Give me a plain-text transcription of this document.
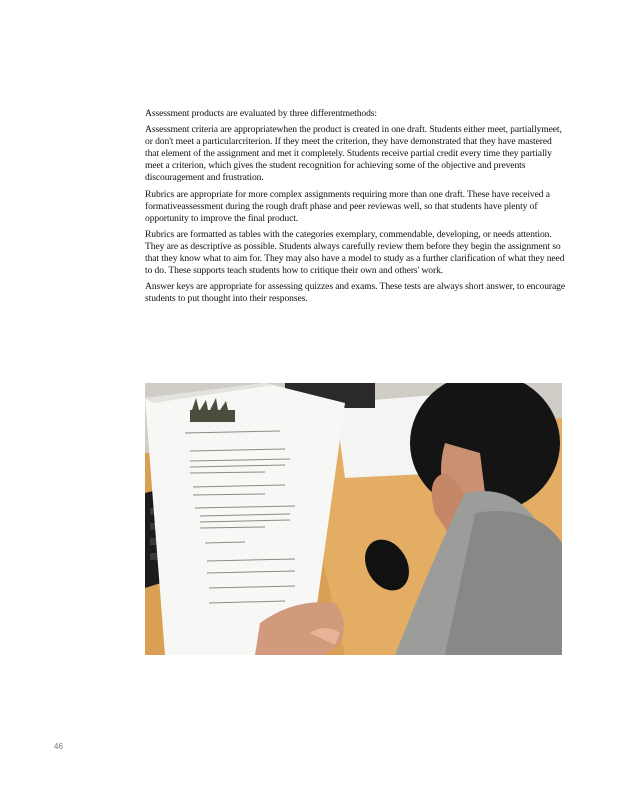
Assessment products are evaluated by three differentmethods:

Assessment criteria are appropriatewhen the product is created in one draft. Students either meet, partiallymeet, or don't meet a particularcriterion. If they meet the criterion, they have demonstrated that they have mastered that element of the assignment and met it completely. Students receive partial credit every time they partially meet a criterion, which gives the student recognition for achieving some of the objective and prevents discouragement and frustration.

Rubrics are appropriate for more complex assignments requiring more than one draft. These have received a formativeassessment during the rough draft phase and peer reviewas well, so that students have plenty of opportunity to improve the final product.

Rubrics are formatted as tables with the categories exemplary, commendable, developing, or needs attention. They are as descriptive as possible. Students always carefully review them before they begin the assignment so that they know what to aim for. They may also have a model to study as a further clarification of what they need to do. These supports teach students how to critique their own and others' work.

Answer keys are appropriate for assessing quizzes and exams. These tests are always short answer, to encourage students to put thought into their responses.

46
